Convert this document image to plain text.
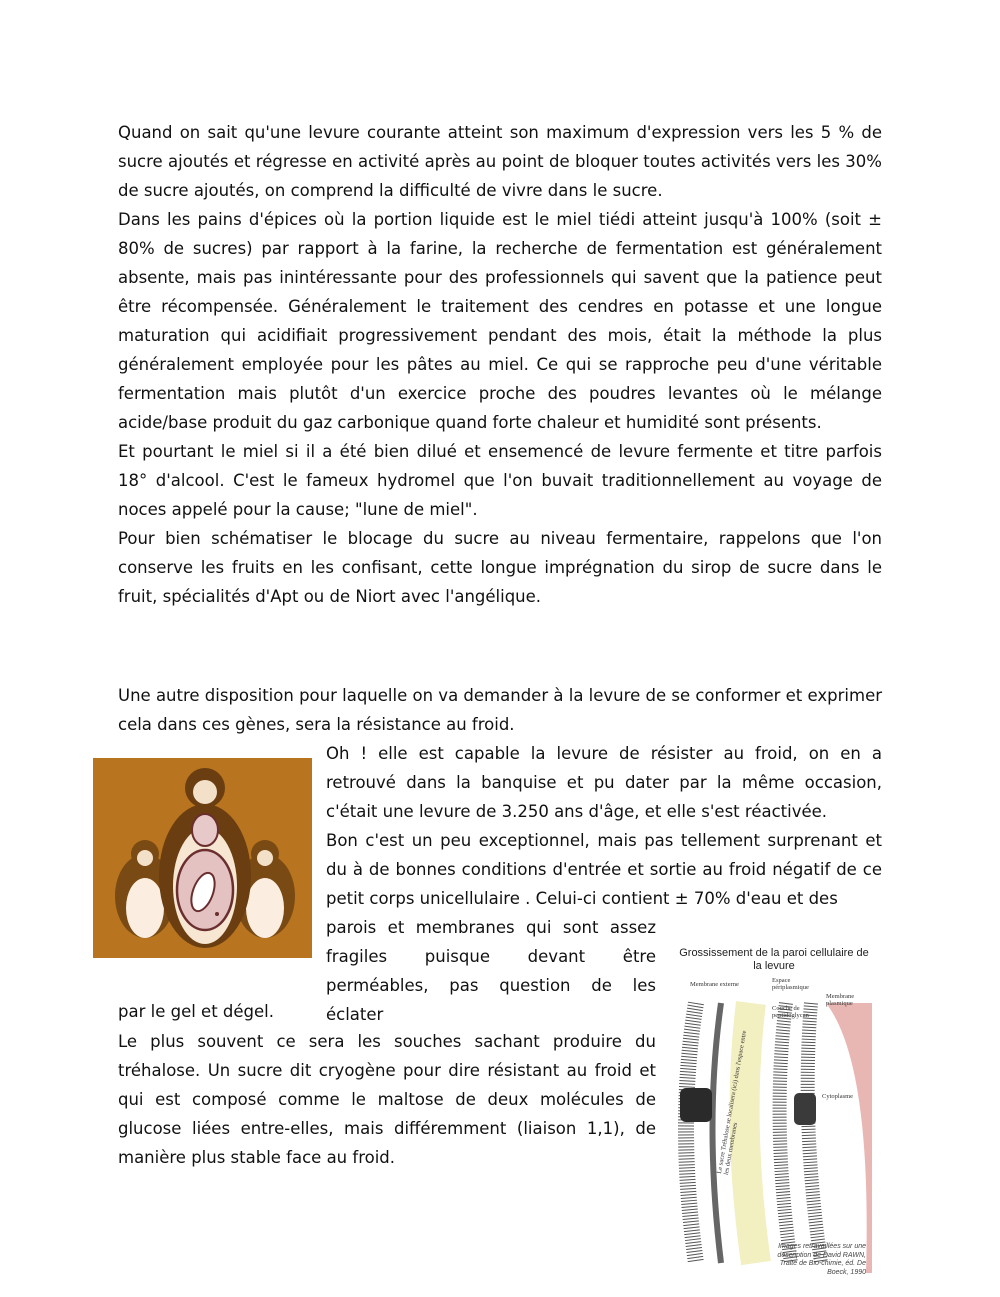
Quand on sait qu'une levure courante atteint son maximum d'expression vers les 5 % de sucre ajoutés et régresse en activité après au point de bloquer toutes activités vers les 30% de sucre ajoutés, on comprend la difficulté de vivre dans le sucre.

Dans les pains d'épices où la portion liquide est le miel tiédi atteint jusqu'à 100% (soit ± 80% de sucres) par rapport à la farine, la recherche de fermentation est généralement absente, mais pas inintéressante pour des professionnels qui savent que la patience peut être récompensée. Généralement le traitement des cendres en potasse et une longue maturation qui acidifiait progressivement pendant des mois, était la méthode la plus généralement employée pour les pâtes au miel. Ce qui se rapproche peu d'une véritable fermentation mais plutôt d'un exercice proche des poudres levantes où le mélange acide/base produit du gaz carbonique quand forte chaleur et humidité sont présents.

Et pourtant le miel si il a été bien dilué et ensemencé de levure fermente et titre parfois 18° d'alcool. C'est le fameux hydromel que l'on buvait traditionnellement au voyage de noces appelé pour la cause; "lune de miel".

Pour bien schématiser le blocage du sucre au niveau fermentaire, rappelons que l'on conserve les fruits en les confisant, cette longue imprégnation du sirop de sucre dans le fruit, spécialités d'Apt ou de Niort avec l'angélique.

Une autre disposition pour laquelle on va demander à la levure de se conformer et exprimer cela dans ces gènes, sera la résistance au froid.

Oh ! elle est capable la levure de résister au froid, on en a retrouvé dans la banquise et pu dater par la même occasion, c'était une levure de 3.250 ans d'âge, et elle s'est réactivée.

Bon c'est un peu exceptionnel, mais pas tellement surprenant et du à de bonnes conditions d'entrée et sortie au froid négatif de ce petit corps unicellulaire . Celui-ci contient ± 70% d'eau et des

parois et membranes qui sont assez fragiles puisque devant être perméables, pas question de les éclater

par le gel et dégel.

Le plus souvent ce sera les souches sachant produire du tréhalose. Un sucre dit cryogène pour dire résistant au froid et qui est composé comme le maltose de deux molécules de glucose liées entre-elles, mais différemment (liaison 1,1), de manière plus stable face au froid.

Grossissement de la paroi cellulaire de la levure
Membrane externe
Espace périplasmique
Couche de peptidoglycan
Membrane plasmique
Cytoplasme
Le sucre Tréhalose se localisera (ici) dans l'espace entre les deux membranes
Images retravaillées sur une description de David RAWN, Traité de Bio-chimie, éd. De Boeck, 1990
